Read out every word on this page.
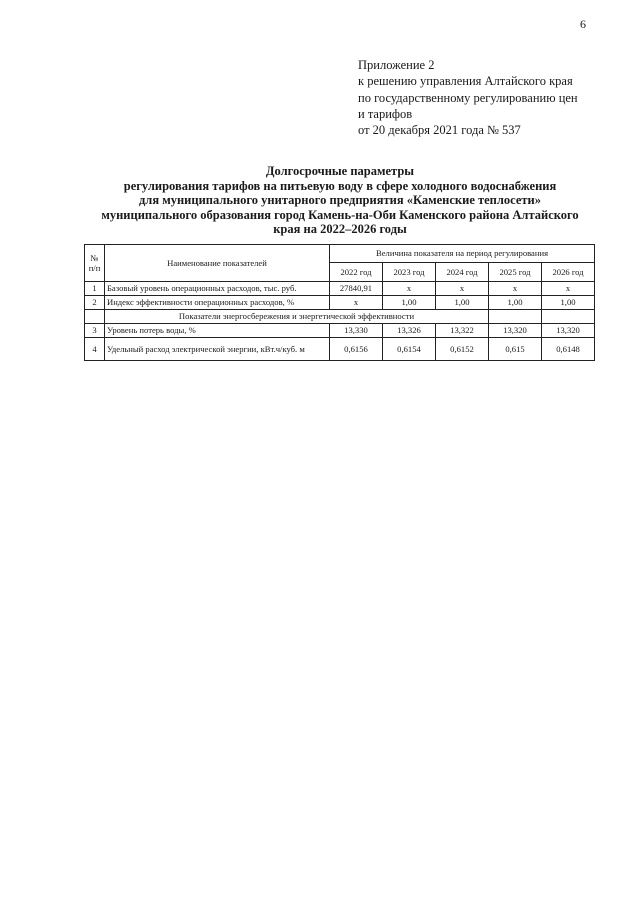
6
Приложение 2
к решению управления Алтайского края
по государственному регулированию цен
и тарифов
от 20 декабря 2021 года № 537
Долгосрочные параметры
регулирования тарифов на питьевую воду в сфере холодного водоснабжения
для муниципального унитарного предприятия «Каменские теплосети»
муниципального образования город Камень-на-Оби Каменского района Алтайского
края на 2022–2026 годы
№ п/п	Наименование показателей	Величина показателя на период регулирования				
		2022 год	2023 год	2024 год	2025 год	2026 год
1	Базовый уровень операционных расходов, тыс. руб.	27840,91	х	х	х	х
2	Индекс эффективности операционных расходов, %	х	1,00	1,00	1,00	1,00
	Показатели энергосбережения и энергетической эффективности					
3	Уровень потерь воды, %	13,330	13,326	13,322	13,320	13,320
4	Удельный расход электрической энергии, кВт.ч/куб. м	0,6156	0,6154	0,6152	0,615	0,6148
